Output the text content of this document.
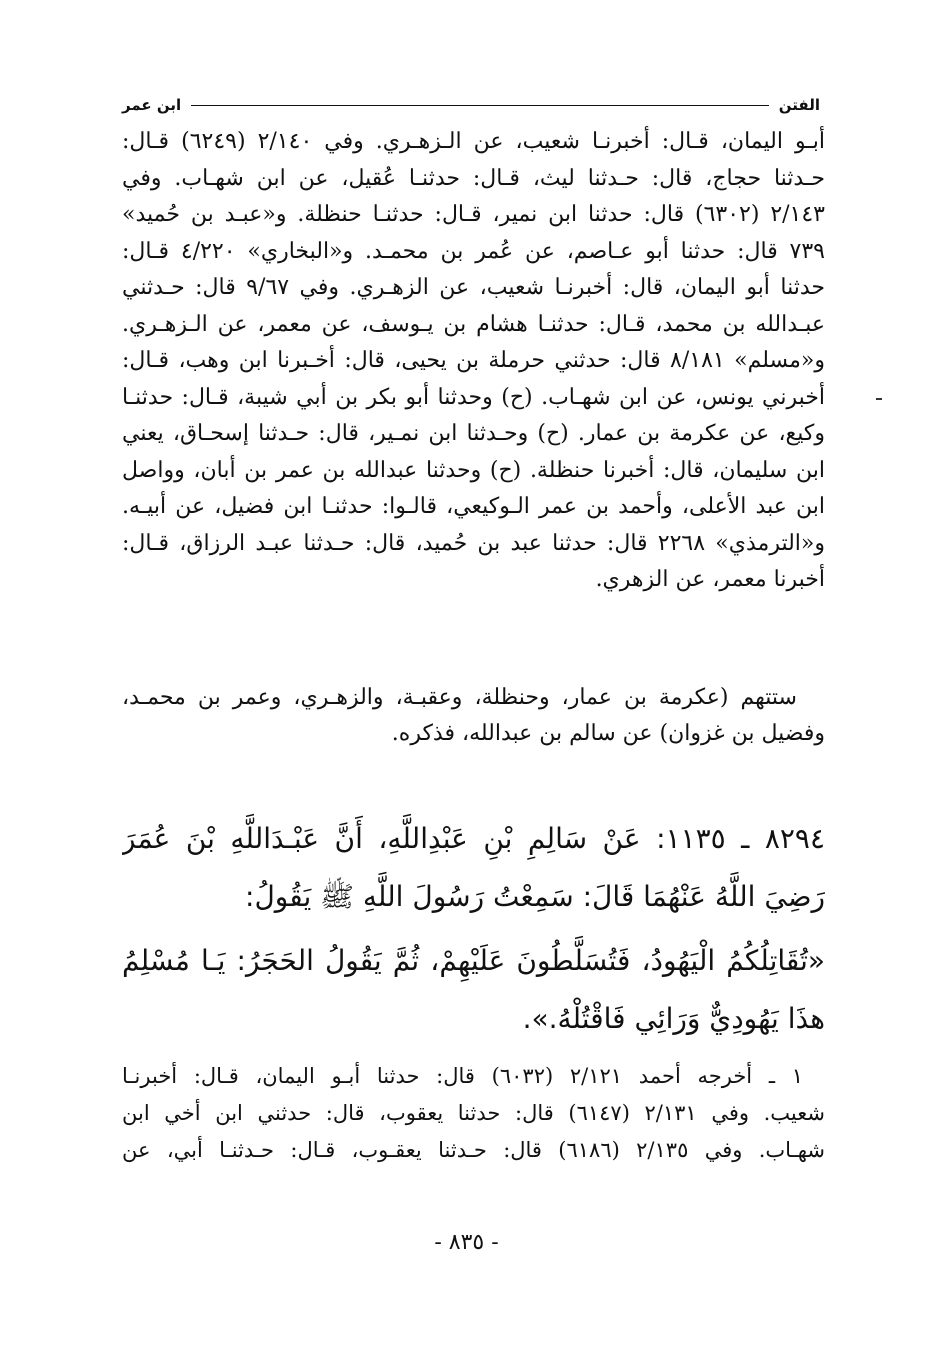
الفتن
ابن عمر
أبـو اليمان، قـال: أخبرنـا شعيب، عن الـزهـري. وفي ٢/١٤٠ (٦٢٤٩) قـال:
حـدثنا حجاج، قال: حـدثنا ليث، قـال: حدثنـا عُقيل، عن ابن شهـاب. وفي
٢/١٤٣ (٦٣٠٢) قال: حدثنا ابن نمير، قـال: حدثنـا حنظلة. و«عبـد بن حُميد»
٧٣٩ قال: حدثنا أبو عـاصم، عن عُمر بن محمـد. و«البخاري» ٤/٢٢٠ قـال:
حدثنا أبو اليمان، قال: أخبرنـا شعيب، عن الزهـري. وفي ٩/٦٧ قال: حـدثني
عبـدالله بن محمد، قـال: حدثنـا هشام بن يـوسف، عن معمر، عن الـزهـري.
و«مسلم» ٨/١٨١ قال: حدثني حرملة بن يحيى، قال: أخـبرنا ابن وهب، قـال:
أخبرني يونس، عن ابن شهـاب. (ح) وحدثنا أبو بكر بن أبي شيبة، قـال: حدثنـا
وكيع، عن عكرمة بن عمار. (ح) وحـدثنا ابن نمـير، قال: حـدثنا إسحـاق، يعني
ابن سليمان، قال: أخبرنا حنظلة. (ح) وحدثنا عبدالله بن عمر بن أبان، وواصل
ابن عبد الأعلى، وأحمد بن عمر الـوكيعي، قالـوا: حدثنـا ابن فضيل، عن أبيـه.
و«الترمذي» ٢٢٦٨ قال: حدثنا عبد بن حُميد، قال: حـدثنا عبـد الرزاق، قـال:
أخبرنا معمر، عن الزهري.
ستتهم (عكرمة بن عمار، وحنظلة، وعقبـة، والزهـري، وعمر بن محمـد،
وفضيل بن غزوان) عن سالم بن عبدالله، فذكره.
٨٢٩٤ ـ ١١٣٥: عَنْ سَالِمِ بْنِ عَبْدِاللَّهِ، أَنَّ عَبْـدَاللَّهِ بْنَ عُمَرَ
رَضِيَ اللَّهُ عَنْهُمَا قَالَ: سَمِعْتُ رَسُولَ اللَّهِ ﷺ يَقُولُ:
«تُقَاتِلُكُمُ الْيَهُودُ، فَتُسَلَّطُونَ عَلَيْهِمْ، ثُمَّ يَقُولُ الحَجَرُ: يَـا مُسْلِمُ
هذَا يَهُودِيٌّ وَرَائِي فَاقْتُلْهُ.».
١ ـ أخرجه أحمد ٢/١٢١ (٦٠٣٢) قال: حدثنا أبـو اليمان، قـال: أخبرنـا
شعيب. وفي ٢/١٣١ (٦١٤٧) قال: حدثنا يعقوب، قال: حدثني ابن أخي ابن
شهـاب. وفي ٢/١٣٥ (٦١٨٦) قال: حـدثنا يعقـوب، قـال: حـدثنـا أبي، عن
- ٨٣٥ -
